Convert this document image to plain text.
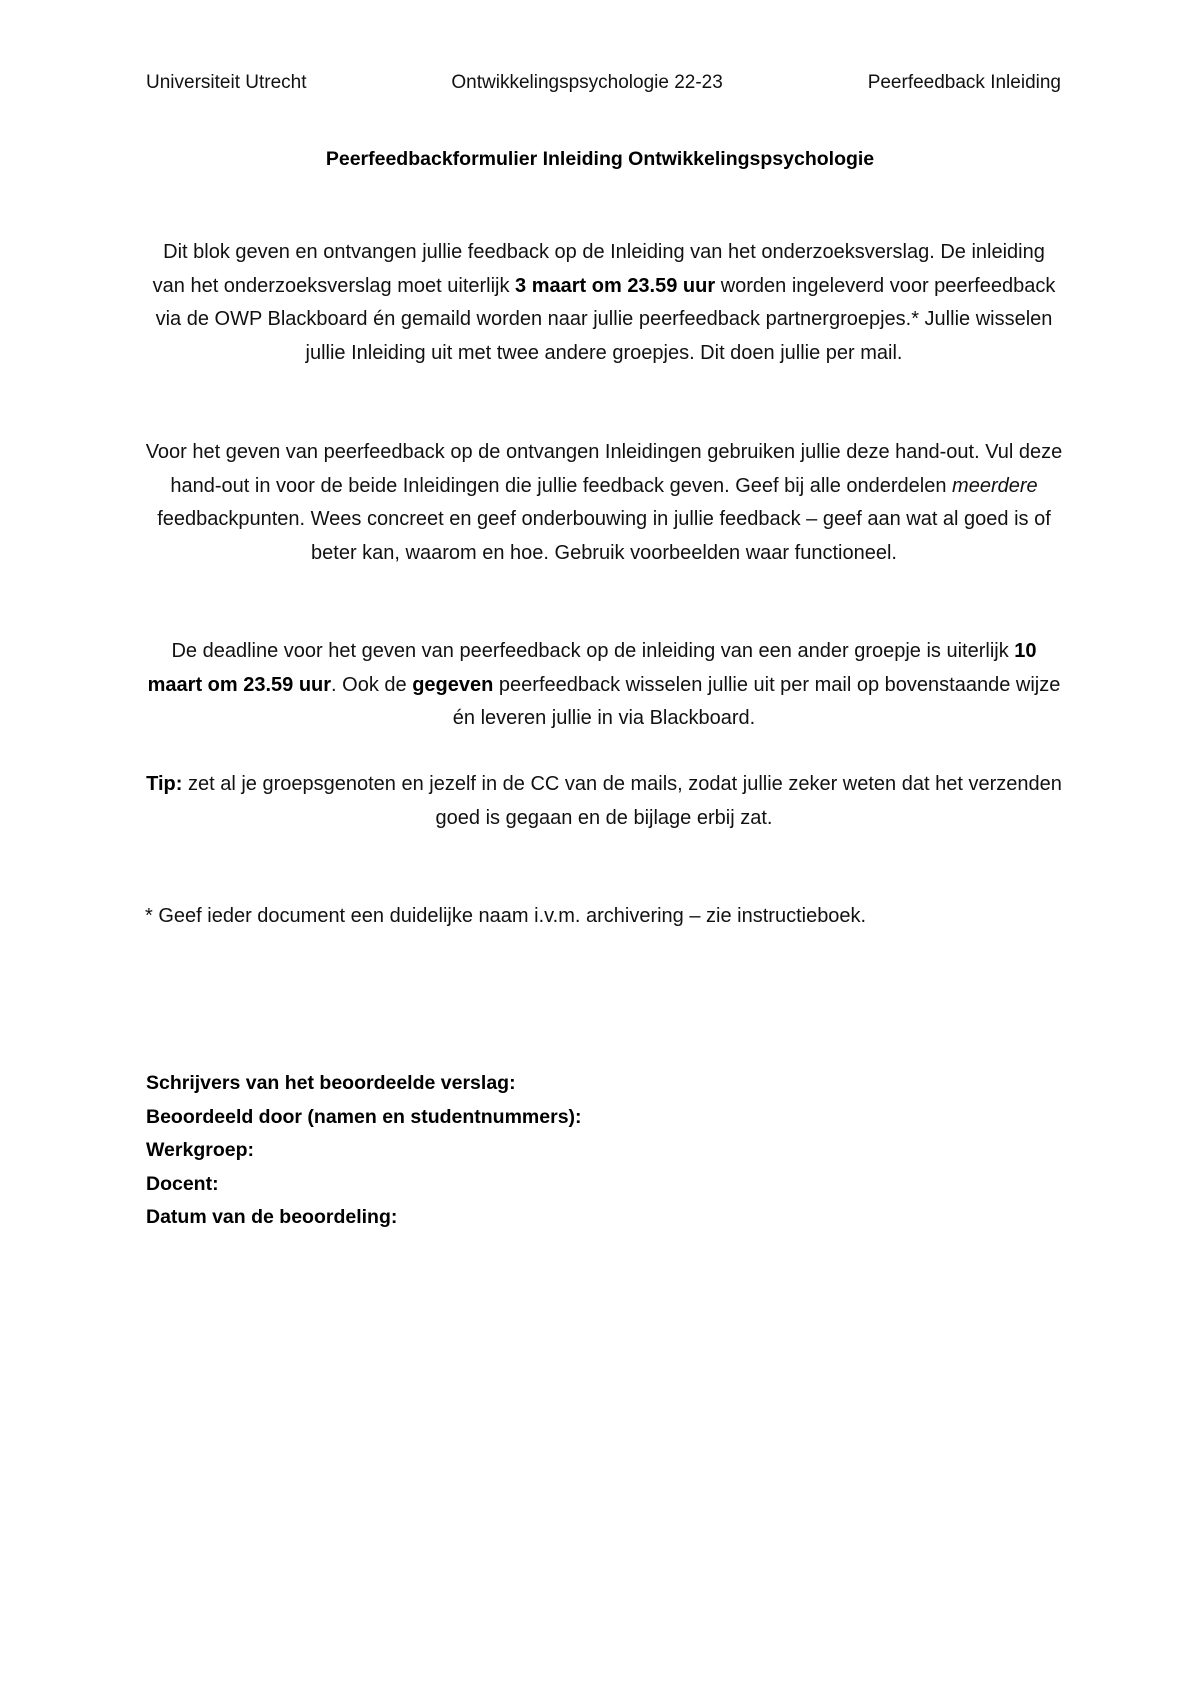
Universiteit Utrecht	Ontwikkelingspsychologie 22-23	Peerfeedback Inleiding
Peerfeedbackformulier Inleiding Ontwikkelingspsychologie

Dit blok geven en ontvangen jullie feedback op de Inleiding van het onderzoeksverslag. De inleiding van het onderzoeksverslag moet uiterlijk 3 maart om 23.59 uur worden ingeleverd voor peerfeedback via de OWP Blackboard én gemaild worden naar jullie peerfeedback partnergroepjes.* Jullie wisselen jullie Inleiding uit met twee andere groepjes. Dit doen jullie per mail.

Voor het geven van peerfeedback op de ontvangen Inleidingen gebruiken jullie deze hand-out. Vul deze hand-out in voor de beide Inleidingen die jullie feedback geven. Geef bij alle onderdelen meerdere feedbackpunten. Wees concreet en geef onderbouwing in jullie feedback – geef aan wat al goed is of beter kan, waarom en hoe. Gebruik voorbeelden waar functioneel.

De deadline voor het geven van peerfeedback op de inleiding van een ander groepje is uiterlijk 10 maart om 23.59 uur. Ook de gegeven peerfeedback wisselen jullie uit per mail op bovenstaande wijze én leveren jullie in via Blackboard.

Tip: zet al je groepsgenoten en jezelf in de CC van de mails, zodat jullie zeker weten dat het verzenden goed is gegaan en de bijlage erbij zat.

* Geef ieder document een duidelijke naam i.v.m. archivering – zie instructieboek.

Schrijvers van het beoordeelde verslag:
Beoordeeld door (namen en studentnummers):
Werkgroep:
Docent:
Datum van de beoordeling:
